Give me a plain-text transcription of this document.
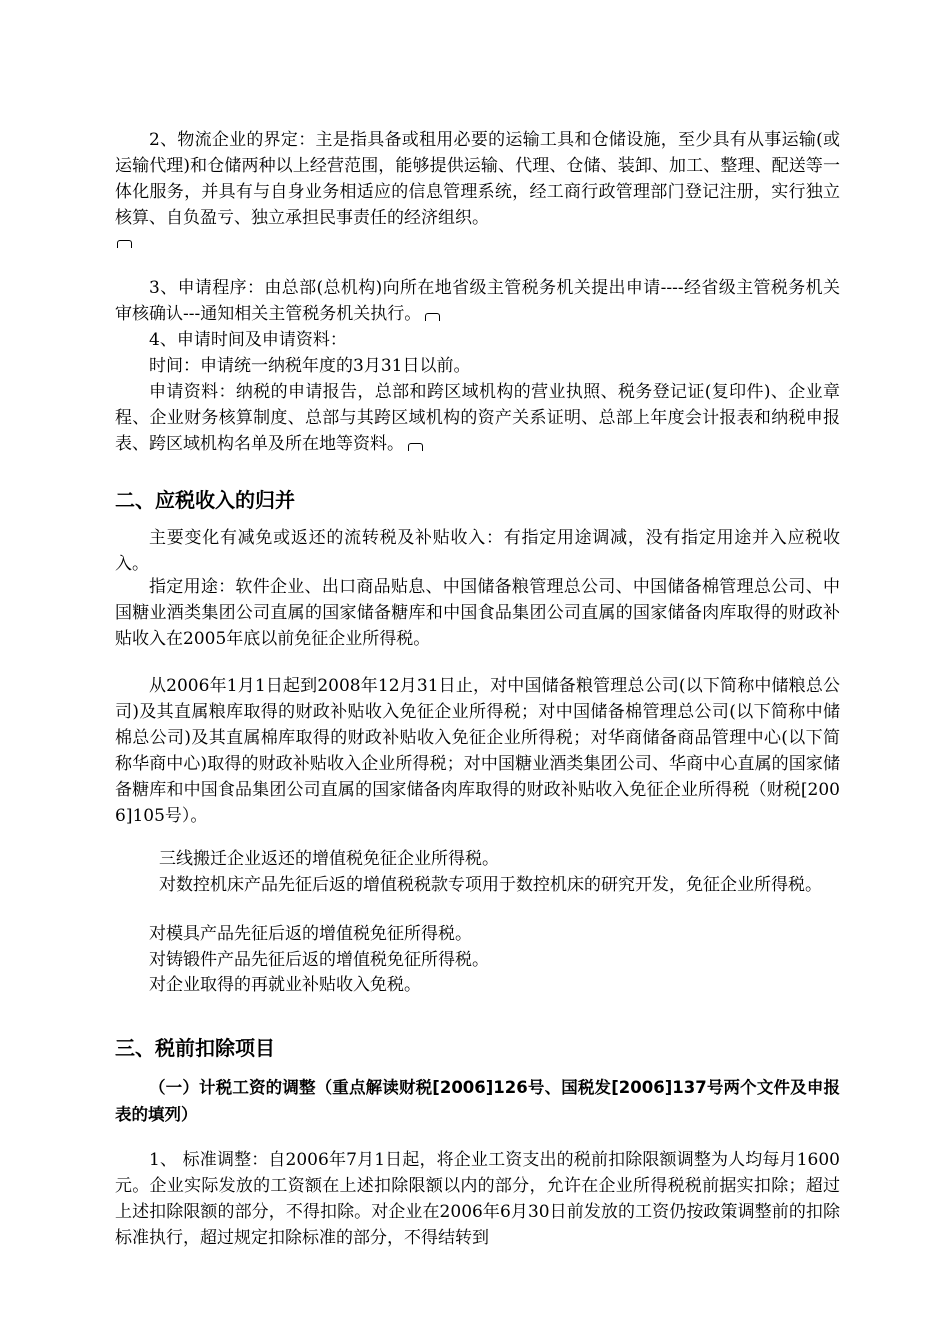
2、物流企业的界定：主是指具备或租用必要的运输工具和仓储设施，至少具有从事运输(或运输代理)和仓储两种以上经营范围，能够提供运输、代理、仓储、装卸、加工、整理、配送等一体化服务，并具有与自身业务相适应的信息管理系统，经工商行政管理部门登记注册，实行独立核算、自负盈亏、独立承担民事责任的经济组织。
3、申请程序：由总部(总机构)向所在地省级主管税务机关提出申请----经省级主管税务机关审核确认---通知相关主管税务机关执行。
4、申请时间及申请资料：
时间：申请统一纳税年度的3月31日以前。
申请资料：纳税的申请报告，总部和跨区域机构的营业执照、税务登记证(复印件)、企业章程、企业财务核算制度、总部与其跨区域机构的资产关系证明、总部上年度会计报表和纳税申报表、跨区域机构名单及所在地等资料。
二、应税收入的归并
主要变化有减免或返还的流转税及补贴收入：有指定用途调减，没有指定用途并入应税收入。
指定用途：软件企业、出口商品贴息、中国储备粮管理总公司、中国储备棉管理总公司、中国糖业酒类集团公司直属的国家储备糖库和中国食品集团公司直属的国家储备肉库取得的财政补贴收入在2005年底以前免征企业所得税。
从2006年1月1日起到2008年12月31日止，对中国储备粮管理总公司(以下简称中储粮总公司)及其直属粮库取得的财政补贴收入免征企业所得税；对中国储备棉管理总公司(以下简称中储棉总公司)及其直属棉库取得的财政补贴收入免征企业所得税；对华商储备商品管理中心(以下简称华商中心)取得的财政补贴收入企业所得税；对中国糖业酒类集团公司、华商中心直属的国家储备糖库和中国食品集团公司直属的国家储备肉库取得的财政补贴收入免征企业所得税（财税[2006]105号）。
三线搬迁企业返还的增值税免征企业所得税。
对数控机床产品先征后返的增值税税款专项用于数控机床的研究开发，免征企业所得税。
对模具产品先征后返的增值税免征所得税。
对铸锻件产品先征后返的增值税免征所得税。
对企业取得的再就业补贴收入免税。
三、税前扣除项目
（一）计税工资的调整（重点解读财税[2006]126号、国税发[2006]137号两个文件及申报表的填列）
1、 标准调整：自2006年7月1日起，将企业工资支出的税前扣除限额调整为人均每月1600元。企业实际发放的工资额在上述扣除限额以内的部分，允许在企业所得税税前据实扣除；超过上述扣除限额的部分，不得扣除。对企业在2006年6月30日前发放的工资仍按政策调整前的扣除标准执行，超过规定扣除标准的部分，不得结转到
